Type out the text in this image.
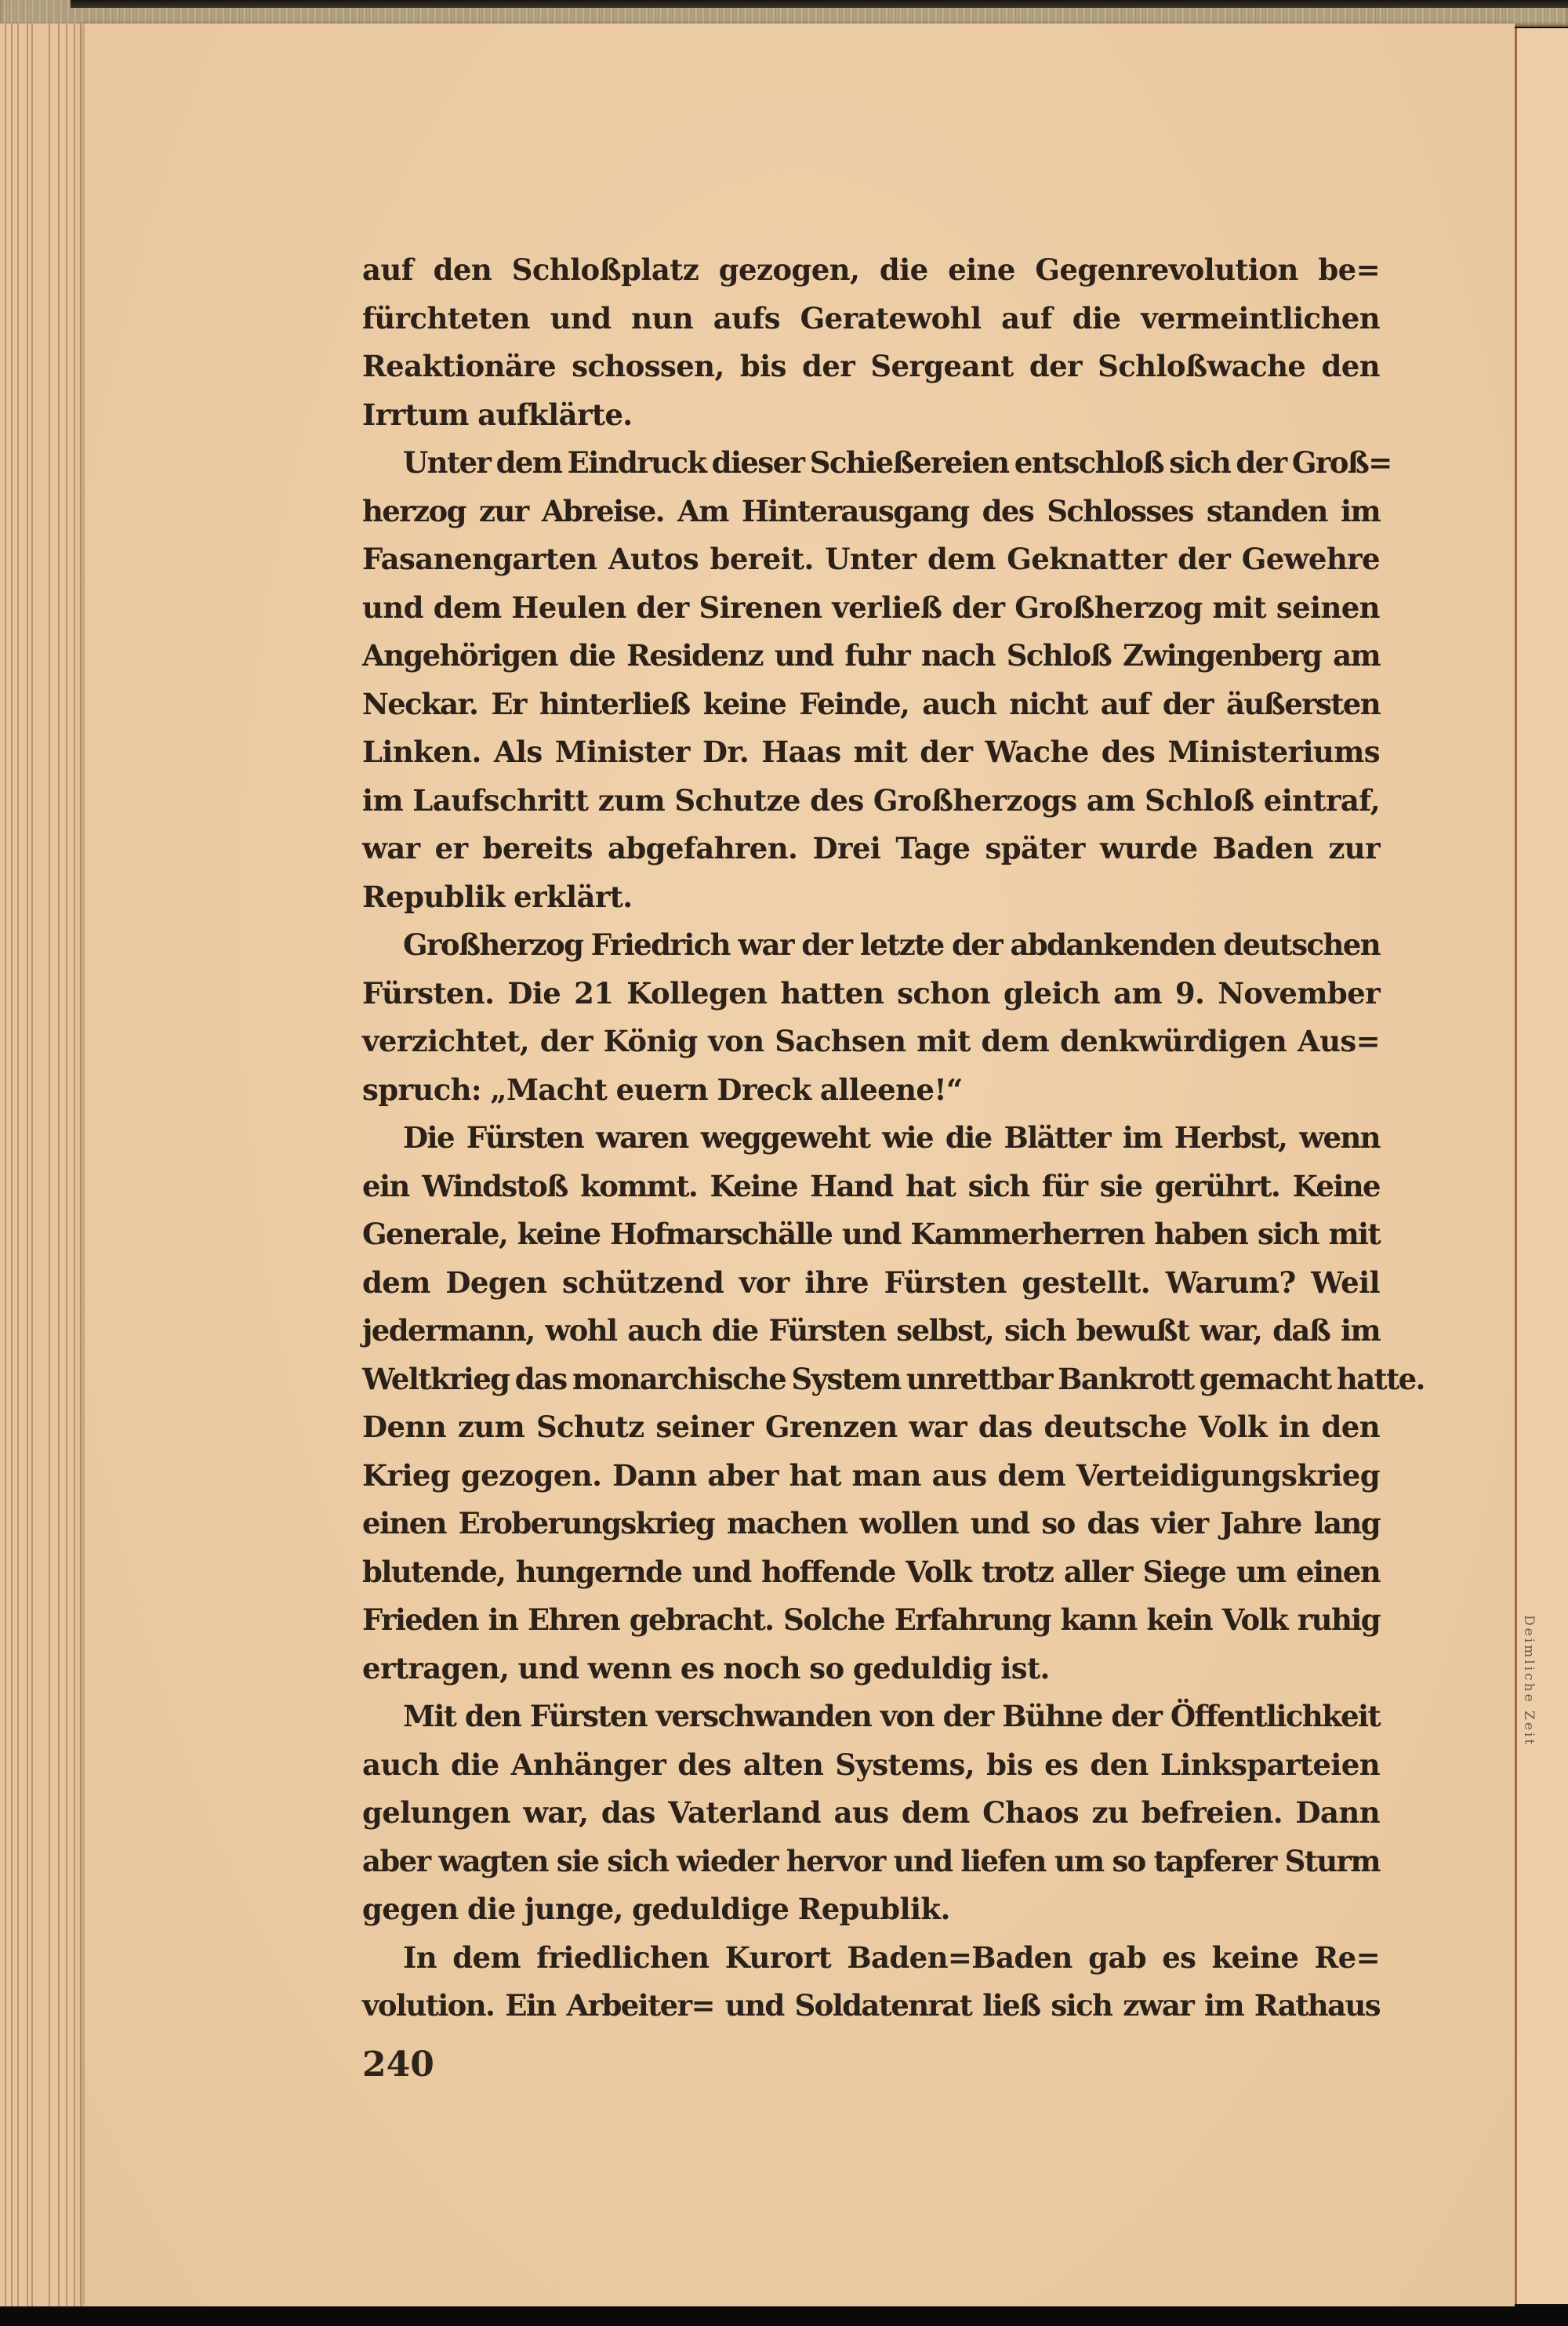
Deimliche Zeit
auf den Schloßplatz gezogen, die eine Gegenrevolution be=
fürchteten und nun aufs Geratewohl auf die vermeintlichen
Reaktionäre schossen, bis der Sergeant der Schloßwache den
Irrtum aufklärte.
Unter dem Eindruck dieser Schießereien entschloß sich der Groß=
herzog zur Abreise. Am Hinterausgang des Schlosses standen im
Fasanengarten Autos bereit. Unter dem Geknatter der Gewehre
und dem Heulen der Sirenen verließ der Großherzog mit seinen
Angehörigen die Residenz und fuhr nach Schloß Zwingenberg am
Neckar. Er hinterließ keine Feinde, auch nicht auf der äußersten
Linken. Als Minister Dr. Haas mit der Wache des Ministeriums
im Laufschritt zum Schutze des Großherzogs am Schloß eintraf,
war er bereits abgefahren. Drei Tage später wurde Baden zur
Republik erklärt.
Großherzog Friedrich war der letzte der abdankenden deutschen
Fürsten. Die 21 Kollegen hatten schon gleich am 9. November
verzichtet, der König von Sachsen mit dem denkwürdigen Aus=
spruch: „Macht euern Dreck alleene!“
Die Fürsten waren weggeweht wie die Blätter im Herbst, wenn
ein Windstoß kommt. Keine Hand hat sich für sie gerührt. Keine
Generale, keine Hofmarschälle und Kammerherren haben sich mit
dem Degen schützend vor ihre Fürsten gestellt. Warum? Weil
jedermann, wohl auch die Fürsten selbst, sich bewußt war, daß im
Weltkrieg das monarchische System unrettbar Bankrott gemacht hatte.
Denn zum Schutz seiner Grenzen war das deutsche Volk in den
Krieg gezogen. Dann aber hat man aus dem Verteidigungskrieg
einen Eroberungskrieg machen wollen und so das vier Jahre lang
blutende, hungernde und hoffende Volk trotz aller Siege um einen
Frieden in Ehren gebracht. Solche Erfahrung kann kein Volk ruhig
ertragen, und wenn es noch so geduldig ist.
Mit den Fürsten verschwanden von der Bühne der Öffentlichkeit
auch die Anhänger des alten Systems, bis es den Linksparteien
gelungen war, das Vaterland aus dem Chaos zu befreien. Dann
aber wagten sie sich wieder hervor und liefen um so tapferer Sturm
gegen die junge, geduldige Republik.
In dem friedlichen Kurort Baden=Baden gab es keine Re=
volution. Ein Arbeiter= und Soldatenrat ließ sich zwar im Rathaus
240
